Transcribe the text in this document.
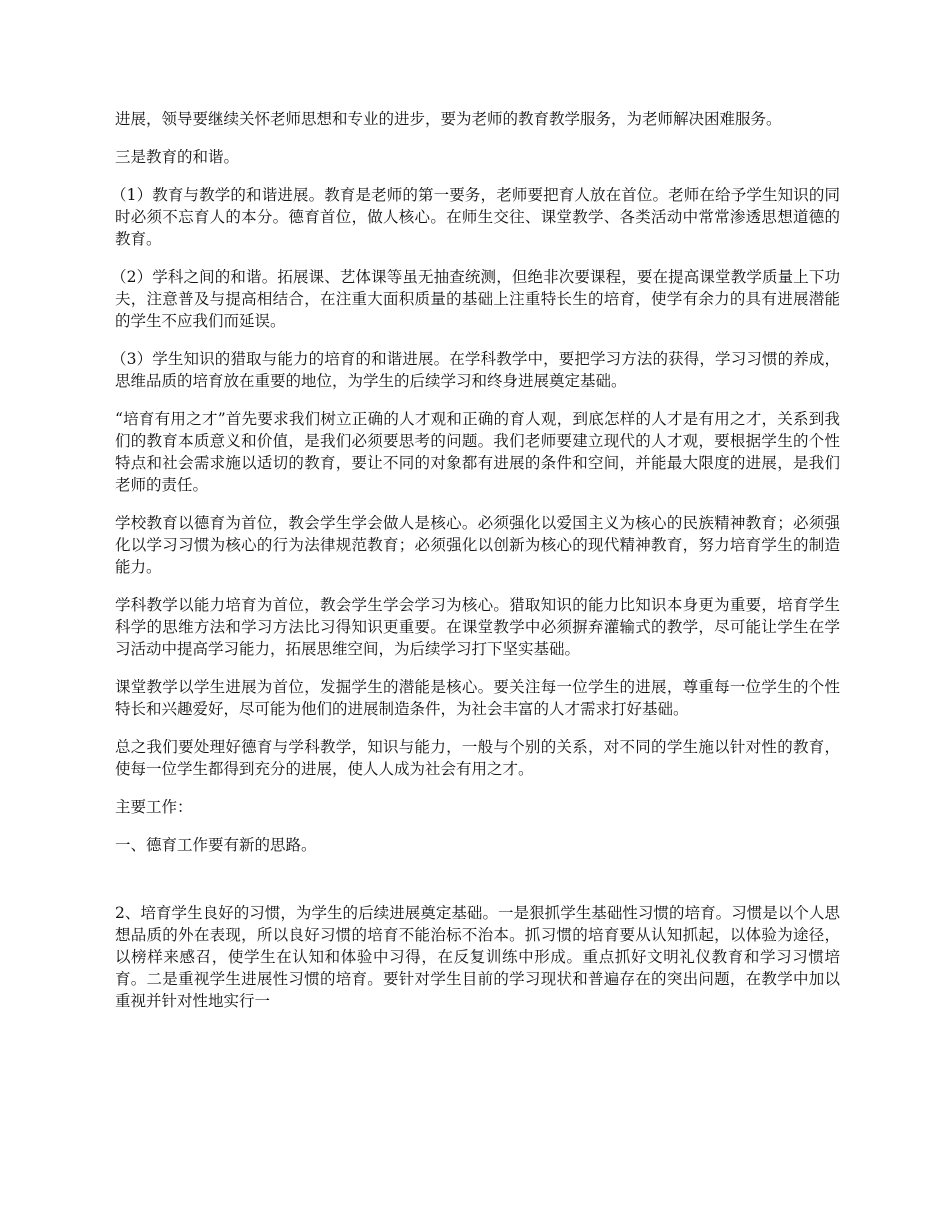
进展，领导要继续关怀老师思想和专业的进步，要为老师的教育教学服务，为老师解决困难服务。

三是教育的和谐。

（1）教育与教学的和谐进展。教育是老师的第一要务，老师要把育人放在首位。老师在给予学生知识的同时必须不忘育人的本分。德育首位，做人核心。在师生交往、课堂教学、各类活动中常常渗透思想道德的教育。

（2）学科之间的和谐。拓展课、艺体课等虽无抽查统测，但绝非次要课程，要在提高课堂教学质量上下功夫，注意普及与提高相结合，在注重大面积质量的基础上注重特长生的培育，使学有余力的具有进展潜能的学生不应我们而延误。

（3）学生知识的猎取与能力的培育的和谐进展。在学科教学中，要把学习方法的获得，学习习惯的养成，思维品质的培育放在重要的地位，为学生的后续学习和终身进展奠定基础。

“培育有用之才”首先要求我们树立正确的人才观和正确的育人观，到底怎样的人才是有用之才，关系到我们的教育本质意义和价值，是我们必须要思考的问题。我们老师要建立现代的人才观，要根据学生的个性特点和社会需求施以适切的教育，要让不同的对象都有进展的条件和空间，并能最大限度的进展，是我们老师的责任。

学校教育以德育为首位，教会学生学会做人是核心。必须强化以爱国主义为核心的民族精神教育；必须强化以学习习惯为核心的行为法律规范教育；必须强化以创新为核心的现代精神教育，努力培育学生的制造能力。

学科教学以能力培育为首位，教会学生学会学习为核心。猎取知识的能力比知识本身更为重要，培育学生科学的思维方法和学习方法比习得知识更重要。在课堂教学中必须摒弃灌输式的教学，尽可能让学生在学习活动中提高学习能力，拓展思维空间，为后续学习打下坚实基础。

课堂教学以学生进展为首位，发掘学生的潜能是核心。要关注每一位学生的进展，尊重每一位学生的个性特长和兴趣爱好，尽可能为他们的进展制造条件，为社会丰富的人才需求打好基础。

总之我们要处理好德育与学科教学，知识与能力，一般与个别的关系，对不同的学生施以针对性的教育，使每一位学生都得到充分的进展，使人人成为社会有用之才。

主要工作：

一、德育工作要有新的思路。

2、培育学生良好的习惯，为学生的后续进展奠定基础。一是狠抓学生基础性习惯的培育。习惯是以个人思想品质的外在表现，所以良好习惯的培育不能治标不治本。抓习惯的培育要从认知抓起，以体验为途径，以榜样来感召，使学生在认知和体验中习得，在反复训练中形成。重点抓好文明礼仪教育和学习习惯培育。二是重视学生进展性习惯的培育。要针对学生目前的学习现状和普遍存在的突出问题，在教学中加以重视并针对性地实行一
